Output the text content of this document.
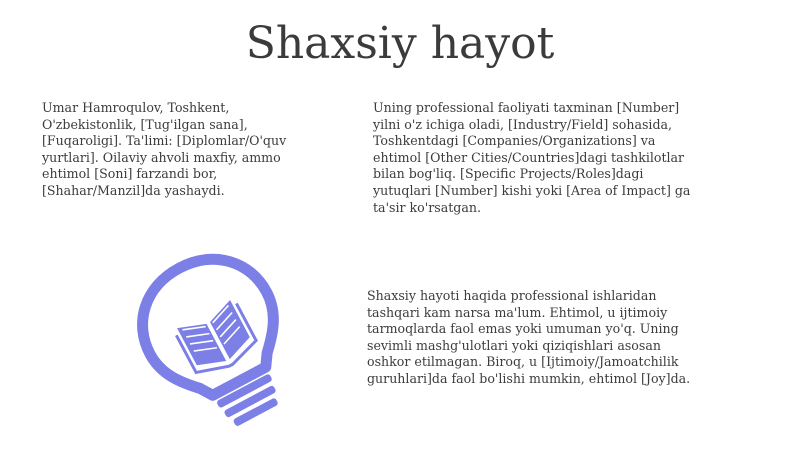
Shaxsiy hayot

Umar Hamroqulov, Toshkent,
O'zbekistonlik, [Tug'ilgan sana],
[Fuqaroligi]. Ta'limi: [Diplomlar/O'quv
yurtlari]. Oilaviy ahvoli maxfiy, ammo
ehtimol [Soni] farzandi bor,
[Shahar/Manzil]da yashaydi.

Uning professional faoliyati taxminan [Number]
yilni o'z ichiga oladi, [Industry/Field] sohasida,
Toshkentdagi [Companies/Organizations] va
ehtimol [Other Cities/Countries]dagi tashkilotlar
bilan bog'liq. [Specific Projects/Roles]dagi
yutuqlari [Number] kishi yoki [Area of Impact] ga
ta'sir ko'rsatgan.

Shaxsiy hayoti haqida professional ishlaridan
tashqari kam narsa ma'lum. Ehtimol, u ijtimoiy
tarmoqlarda faol emas yoki umuman yo'q. Uning
sevimli mashg'ulotlari yoki qiziqishlari asosan
oshkor etilmagan. Biroq, u [Ijtimoiy/Jamoatchilik
guruhlari]da faol bo'lishi mumkin, ehtimol [Joy]da.
